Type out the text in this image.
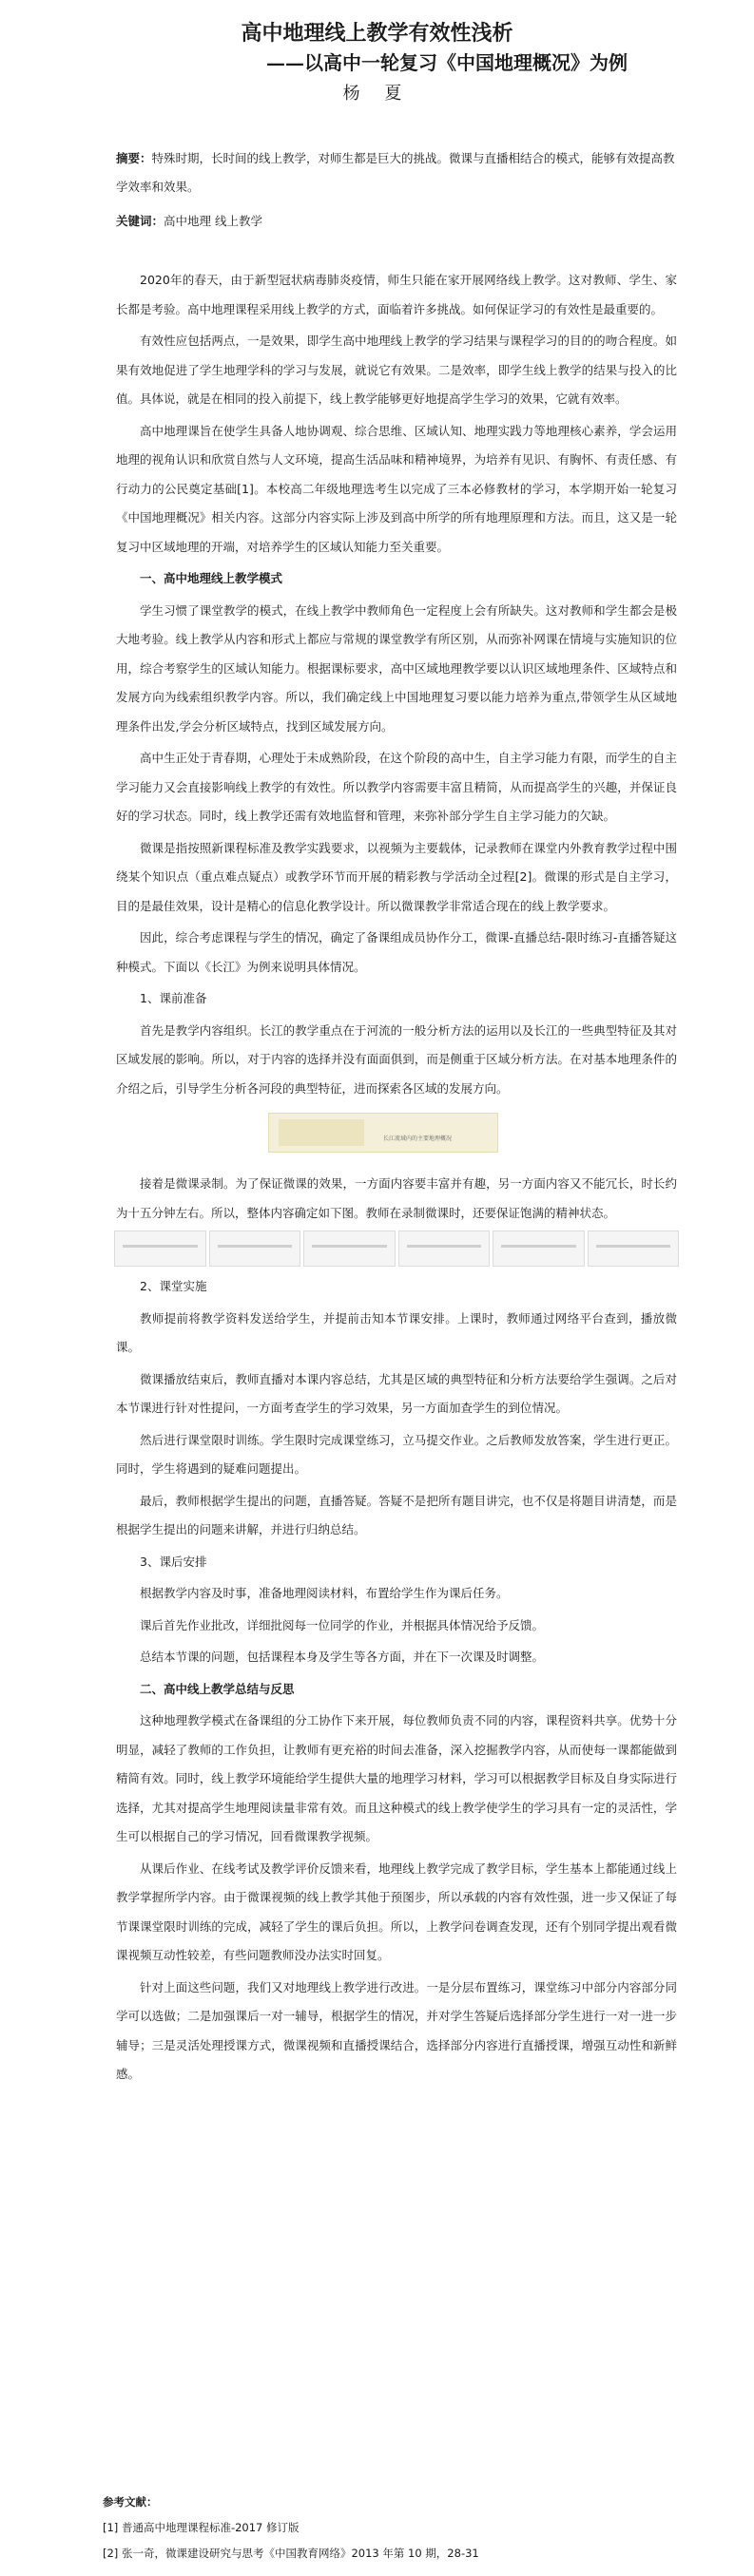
高中地理线上教学有效性浅析
——以高中一轮复习《中国地理概况》为例
杨 夏
摘要：特殊时期，长时间的线上教学，对师生都是巨大的挑战。微课与直播相结合的模式，能够有效提高教学效率和效果。
关键词：高中地理 线上教学

2020年的春天，由于新型冠状病毒肺炎疫情，师生只能在家开展网络线上教学。这对教师、学生、家长都是考验。高中地理课程采用线上教学的方式，面临着许多挑战。如何保证学习的有效性是最重要的。

有效性应包括两点，一是效果，即学生高中地理线上教学的学习结果与课程学习的目的的吻合程度。如果有效地促进了学生地理学科的学习与发展，就说它有效果。二是效率，即学生线上教学的结果与投入的比值。具体说，就是在相同的投入前提下，线上教学能够更好地提高学生学习的效果，它就有效率。

高中地理课旨在使学生具备人地协调观、综合思维、区域认知、地理实践力等地理核心素养，学会运用地理的视角认识和欣赏自然与人文环境，提高生活品味和精神境界，为培养有见识、有胸怀、有责任感、有行动力的公民奠定基础[1]。本校高二年级地理选考生以完成了三本必修教材的学习，本学期开始一轮复习《中国地理概况》相关内容。这部分内容实际上涉及到高中所学的所有地理原理和方法。而且，这又是一轮复习中区域地理的开端，对培养学生的区域认知能力至关重要。

一、高中地理线上教学模式

学生习惯了课堂教学的模式，在线上教学中教师角色一定程度上会有所缺失。这对教师和学生都会是极大地考验。线上教学从内容和形式上都应与常规的课堂教学有所区别，从而弥补网课在情境与实施知识的位用，综合考察学生的区域认知能力。根据课标要求，高中区域地理教学要以认识区域地理条件、区域特点和发展方向为线索组织教学内容。所以，我们确定线上中国地理复习要以能力培养为重点,带领学生从区域地理条件出发,学会分析区域特点，找到区域发展方向。

高中生正处于青春期，心理处于未成熟阶段，在这个阶段的高中生，自主学习能力有限，而学生的自主学习能力又会直接影响线上教学的有效性。所以教学内容需要丰富且精简，从而提高学生的兴趣，并保证良好的学习状态。同时，线上教学还需有效地监督和管理，来弥补部分学生自主学习能力的欠缺。

微课是指按照新课程标准及教学实践要求，以视频为主要载体，记录教师在课堂内外教育教学过程中围绕某个知识点（重点难点疑点）或教学环节而开展的精彩教与学活动全过程[2]。微课的形式是自主学习，目的是最佳效果，设计是精心的信息化教学设计。所以微课教学非常适合现在的线上教学要求。

因此，综合考虑课程与学生的情况，确定了备课组成员协作分工，微课-直播总结-限时练习-直播答疑这种模式。下面以《长江》为例来说明具体情况。

1、课前准备

首先是教学内容组织。长江的教学重点在于河流的一般分析方法的运用以及长江的一些典型特征及其对区域发展的影响。所以，对于内容的选择并没有面面俱到，而是侧重于区域分析方法。在对基本地理条件的介绍之后，引导学生分析各河段的典型特征，进而探索各区域的发展方向。

长江流域内的主要地理概况

接着是微课录制。为了保证微课的效果，一方面内容要丰富并有趣，另一方面内容又不能冗长，时长约为十五分钟左右。所以，整体内容确定如下图。教师在录制微课时，还要保证饱满的精神状态。

2、课堂实施

教师提前将教学资料发送给学生，并提前击知本节课安排。上课时，教师通过网络平台查到，播放微课。

微课播放结束后，教师直播对本课内容总结，尤其是区域的典型特征和分析方法要给学生强调。之后对本节课进行针对性提问，一方面考查学生的学习效果，另一方面加查学生的到位情况。

然后进行课堂限时训练。学生限时完成课堂练习，立马提交作业。之后教师发放答案，学生进行更正。同时，学生将遇到的疑难问题提出。

最后，教师根据学生提出的问题，直播答疑。答疑不是把所有题目讲完，也不仅是将题目讲清楚，而是根据学生提出的问题来讲解，并进行归纳总结。

3、课后安排

根据教学内容及时事，准备地理阅读材料，布置给学生作为课后任务。

课后首先作业批改，详细批阅每一位同学的作业，并根据具体情况给予反馈。

总结本节课的问题，包括课程本身及学生等各方面，并在下一次课及时调整。

二、高中线上教学总结与反思

这种地理教学模式在备课组的分工协作下来开展，每位教师负责不同的内容，课程资料共享。优势十分明显，减轻了教师的工作负担，让教师有更充裕的时间去准备，深入挖掘教学内容，从而使每一课都能做到精简有效。同时，线上教学环境能给学生提供大量的地理学习材料，学习可以根据教学目标及自身实际进行选择，尤其对提高学生地理阅读量非常有效。而且这种模式的线上教学使学生的学习具有一定的灵活性，学生可以根据自己的学习情况，回看微课教学视频。

从课后作业、在线考试及教学评价反馈来看，地理线上教学完成了教学目标，学生基本上都能通过线上教学掌握所学内容。由于微课视频的线上教学其他于预图步，所以承载的内容有效性强，进一步又保证了每节课课堂限时训练的完成，减轻了学生的课后负担。所以，上教学问卷调查发现，还有个别同学提出观看微课视频互动性较差，有些问题教师没办法实时回复。

针对上面这些问题，我们又对地理线上教学进行改进。一是分层布置练习，课堂练习中部分内容部分同学可以选做；二是加强课后一对一辅导，根据学生的情况，并对学生答疑后选择部分学生进行一对一进一步辅导；三是灵活处理授课方式，微课视频和直播授课结合，选择部分内容进行直播授课，增强互动性和新鲜感。

参考文献：
[1] 普通高中地理课程标准-2017 修订版
[2] 张一奇，微课建设研究与思考《中国教育网络》2013 年第 10 期，28-31
